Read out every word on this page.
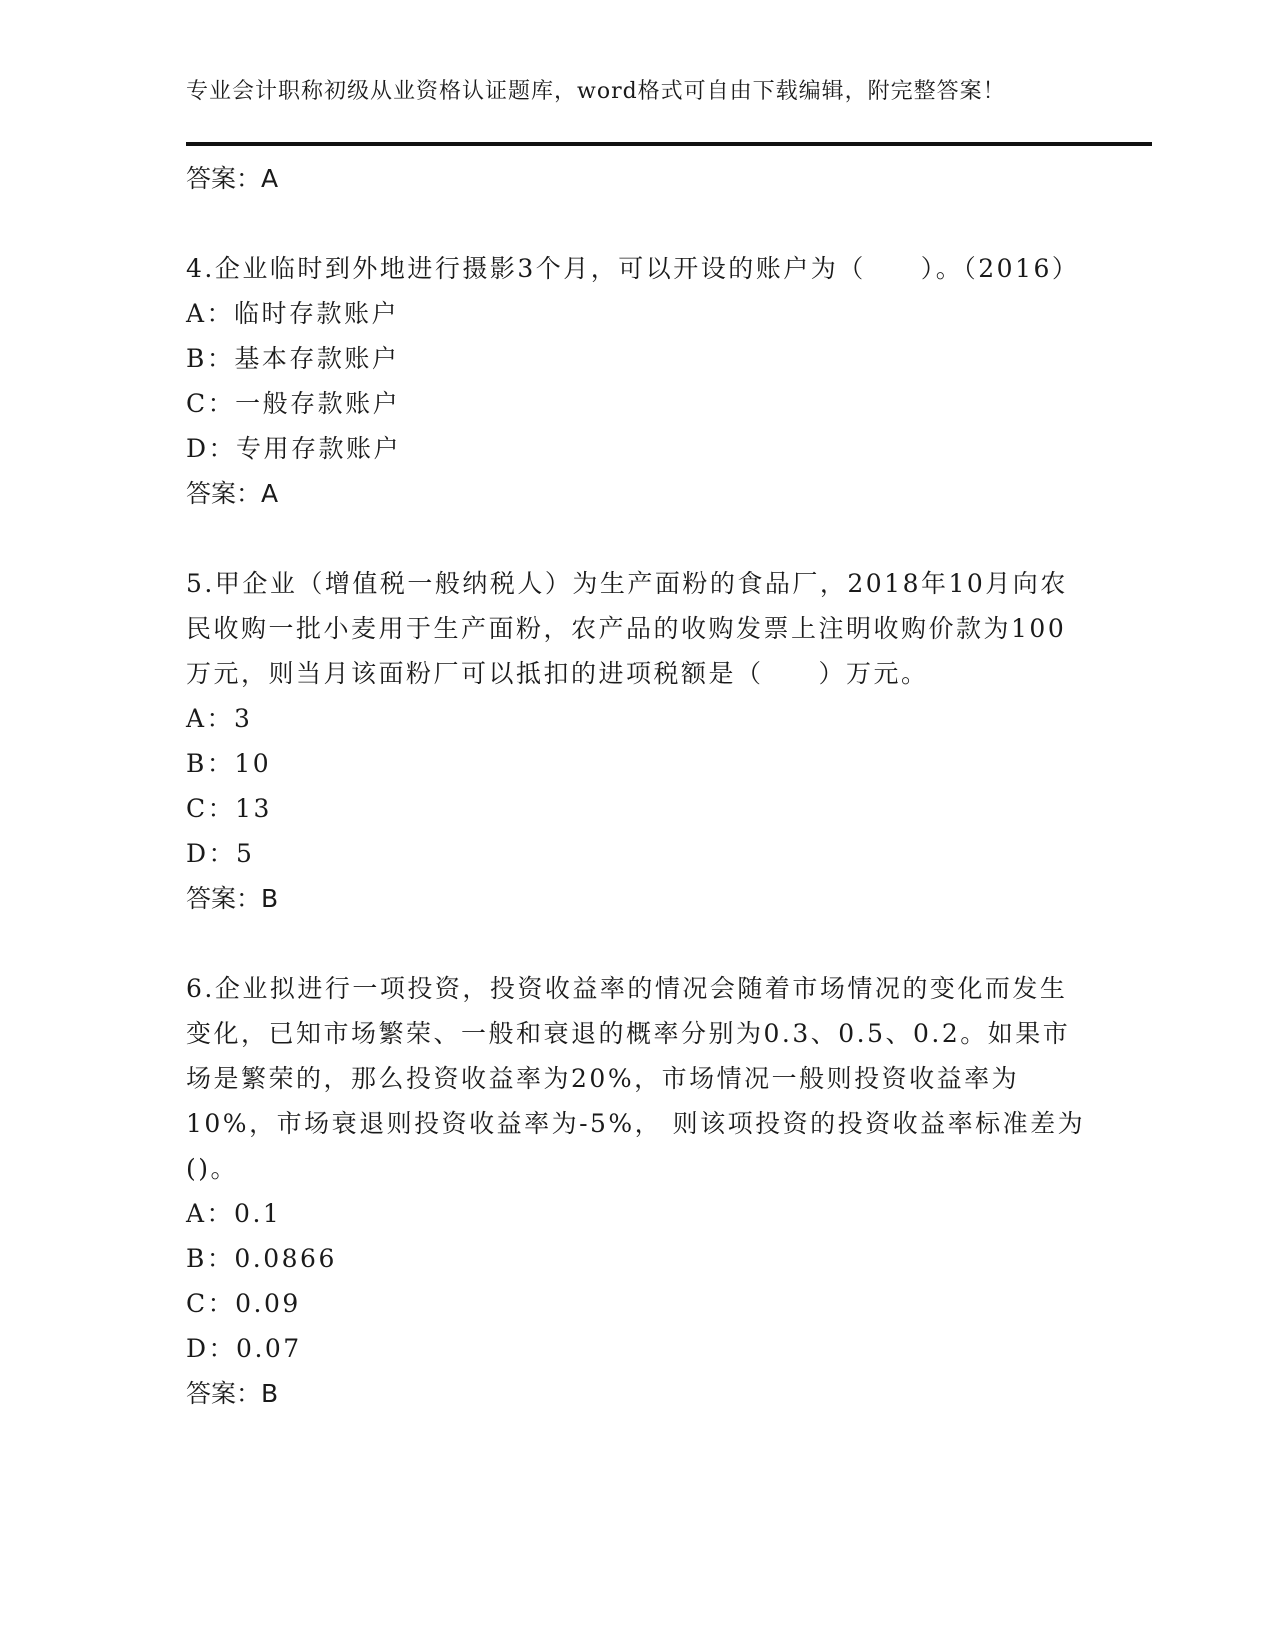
专业会计职称初级从业资格认证题库，word格式可自由下载编辑，附完整答案！
答案：A
4.企业临时到外地进行摄影3个月，可以开设的账户为（　　）。（2016）
A：临时存款账户
B：基本存款账户
C：一般存款账户
D：专用存款账户
答案：A
5.甲企业（增值税一般纳税人）为生产面粉的食品厂，2018年10月向农民收购一批小麦用于生产面粉，农产品的收购发票上注明收购价款为100万元，则当月该面粉厂可以抵扣的进项税额是（　　）万元。
A：3
B：10
C：13
D：5
答案：B
6.企业拟进行一项投资，投资收益率的情况会随着市场情况的变化而发生变化，已知市场繁荣、一般和衰退的概率分别为0.3、0.5、0.2。如果市场是繁荣的，那么投资收益率为20%，市场情况一般则投资收益率为10%，市场衰退则投资收益率为-5%， 则该项投资的投资收益率标准差为()。
A：0.1
B：0.0866
C：0.09
D：0.07
答案：B
